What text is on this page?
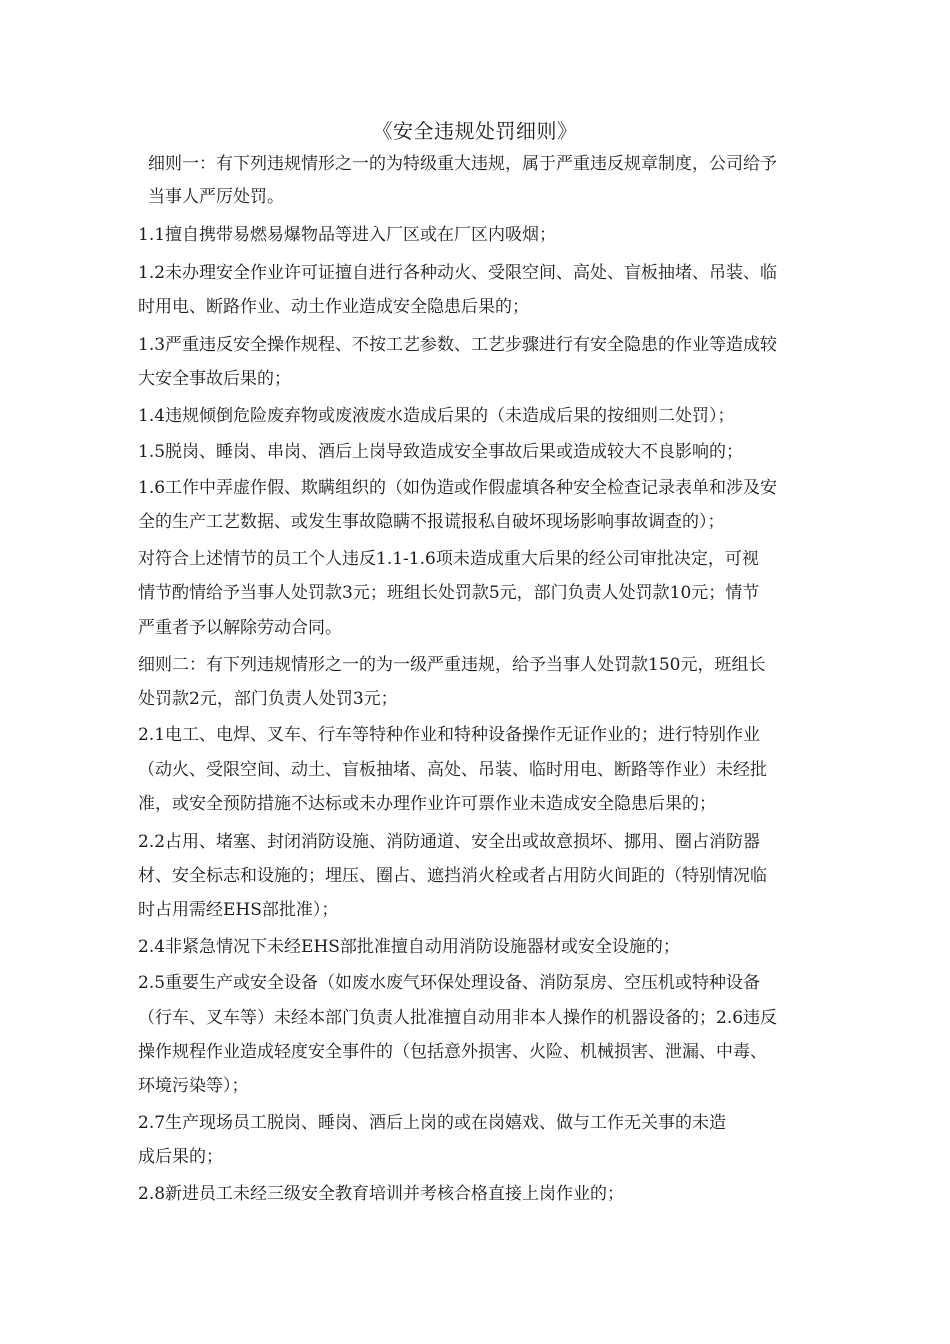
《安全违规处罚细则》
细则一：有下列违规情形之一的为特级重大违规，属于严重违反规章制度，公司给予
当事人严厉处罚。
1.1擅自携带易燃易爆物品等进入厂区或在厂区内吸烟；
1.2未办理安全作业许可证擅自进行各种动火、受限空间、高处、盲板抽堵、吊装、临
时用电、断路作业、动土作业造成安全隐患后果的；
1.3严重违反安全操作规程、不按工艺参数、工艺步骤进行有安全隐患的作业等造成较
大安全事故后果的；
1.4违规倾倒危险废弃物或废液废水造成后果的（未造成后果的按细则二处罚）；
1.5脱岗、睡岗、串岗、酒后上岗导致造成安全事故后果或造成较大不良影响的；
1.6工作中弄虚作假、欺瞒组织的（如伪造或作假虚填各种安全检查记录表单和涉及安
全的生产工艺数据、或发生事故隐瞒不报谎报私自破坏现场影响事故调查的）；
对符合上述情节的员工个人违反1.1-1.6项未造成重大后果的经公司审批决定，可视
情节酌情给予当事人处罚款3元；班组长处罚款5元，部门负责人处罚款10元；情节
严重者予以解除劳动合同。
细则二：有下列违规情形之一的为一级严重违规，给予当事人处罚款150元，班组长
处罚款2元，部门负责人处罚3元；
2.1电工、电焊、叉车、行车等特种作业和特种设备操作无证作业的；进行特别作业
（动火、受限空间、动土、盲板抽堵、高处、吊装、临时用电、断路等作业）未经批
准，或安全预防措施不达标或未办理作业许可票作业未造成安全隐患后果的；
2.2占用、堵塞、封闭消防设施、消防通道、安全出或故意损坏、挪用、圈占消防器
材、安全标志和设施的；埋压、圈占、遮挡消火栓或者占用防火间距的（特别情况临
时占用需经EHS部批准）；
2.4非紧急情况下未经EHS部批准擅自动用消防设施器材或安全设施的；
2.5重要生产或安全设备（如废水废气环保处理设备、消防泵房、空压机或特种设备
（行车、叉车等）未经本部门负责人批准擅自动用非本人操作的机器设备的；2.6违反
操作规程作业造成轻度安全事件的（包括意外损害、火险、机械损害、泄漏、中毒、
环境污染等）；
2.7生产现场员工脱岗、睡岗、酒后上岗的或在岗嬉戏、做与工作无关事的未造
成后果的；
2.8新进员工未经三级安全教育培训并考核合格直接上岗作业的；
